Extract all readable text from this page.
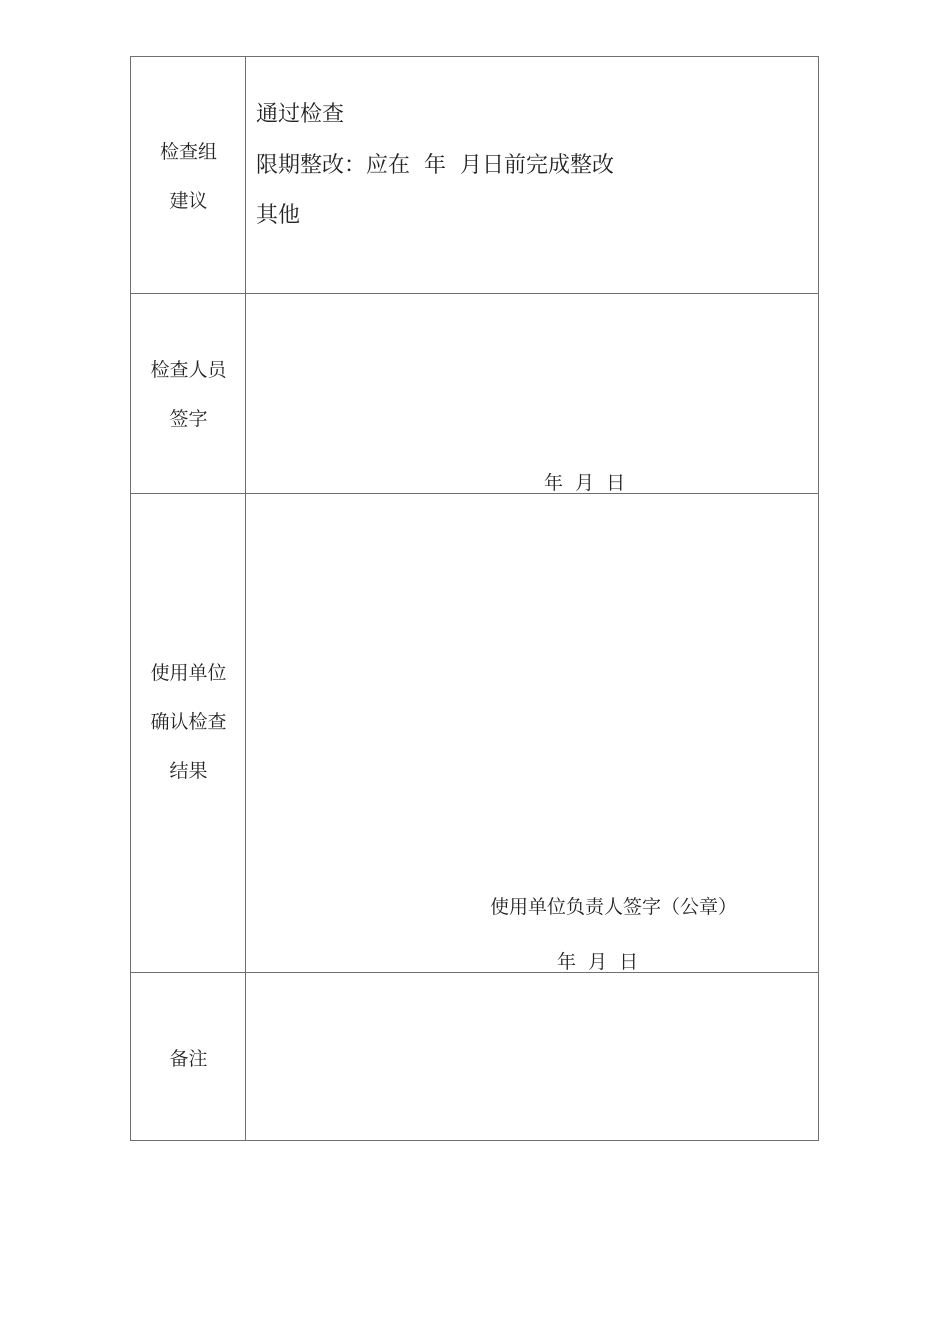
检查组
建议
通过检查
限期整改：应在  年  月日前完成整改
其他
检查人员
签字
年  月  日
使用单位
确认检查
结果
使用单位负责人签字（公章）
年  月  日
备注
